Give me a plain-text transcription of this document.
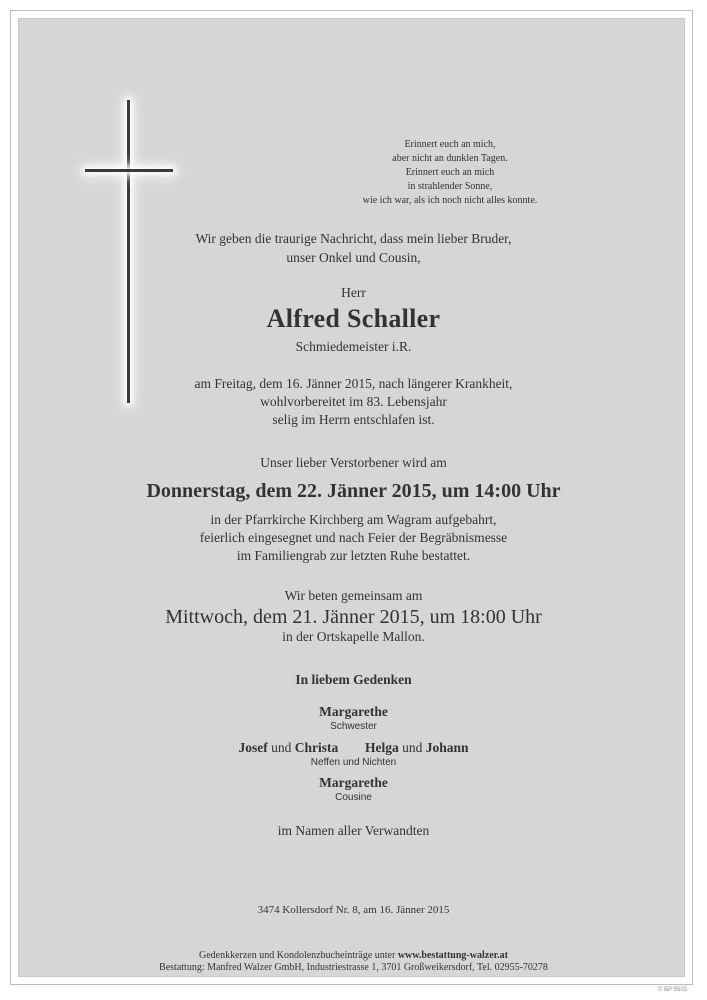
Erinnert euch an mich,
aber nicht an dunklen Tagen.
Erinnert euch an mich
in strahlender Sonne,
wie ich war, als ich noch nicht alles konnte.
Wir geben die traurige Nachricht, dass mein lieber Bruder,
unser Onkel und Cousin,
Herr
Alfred Schaller
Schmiedemeister i.R.
am Freitag, dem 16. Jänner 2015, nach längerer Krankheit,
wohlvorbereitet im 83. Lebensjahr
selig im Herrn entschlafen ist.
Unser lieber Verstorbener wird am
Donnerstag, dem 22. Jänner 2015, um 14:00 Uhr
in der Pfarrkirche Kirchberg am Wagram aufgebahrt,
feierlich eingesegnet und nach Feier der Begräbnismesse
im Familiengrab zur letzten Ruhe bestattet.
Wir beten gemeinsam am
Mittwoch, dem 21. Jänner 2015, um 18:00 Uhr
in der Ortskapelle Mallon.
In liebem Gedenken
Margarethe
Schwester
Josef und Christa Helga und Johann
Neffen und Nichten
Margarethe
Cousine
im Namen aller Verwandten
3474 Kollersdorf Nr. 8, am 16. Jänner 2015
Gedenkkerzen und Kondolenzbucheinträge unter www.bestattung-walzer.at
Bestattung: Manfred Walzer GmbH, Industriestrasse 1, 3701 Großweikersdorf, Tel. 02955-70278
© BP 9503
